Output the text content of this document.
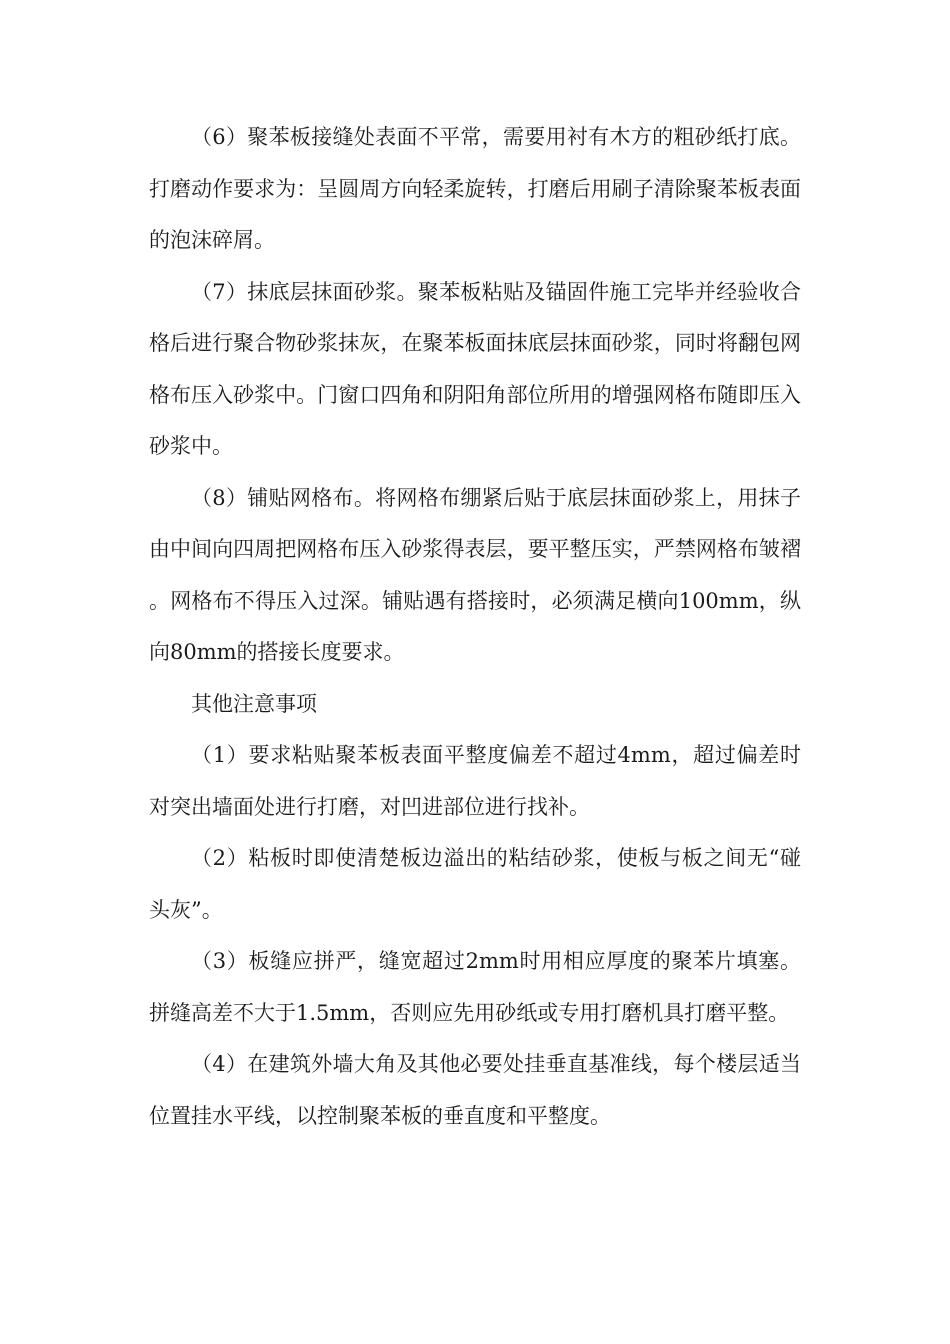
（6）聚苯板接缝处表面不平常，需要用衬有木方的粗砂纸打底。打磨动作要求为：呈圆周方向轻柔旋转，打磨后用刷子清除聚苯板表面的泡沫碎屑。

（7）抹底层抹面砂浆。聚苯板粘贴及锚固件施工完毕并经验收合格后进行聚合物砂浆抹灰，在聚苯板面抹底层抹面砂浆，同时将翻包网格布压入砂浆中。门窗口四角和阴阳角部位所用的增强网格布随即压入砂浆中。

（8）铺贴网格布。将网格布绷紧后贴于底层抹面砂浆上，用抹子由中间向四周把网格布压入砂浆得表层，要平整压实，严禁网格布皱褶。网格布不得压入过深。铺贴遇有搭接时，必须满足横向100mm，纵向80mm的搭接长度要求。

其他注意事项

（1）要求粘贴聚苯板表面平整度偏差不超过4mm，超过偏差时对突出墙面处进行打磨，对凹进部位进行找补。

（2）粘板时即使清楚板边溢出的粘结砂浆，使板与板之间无“碰头灰”。

（3）板缝应拼严，缝宽超过2mm时用相应厚度的聚苯片填塞。拼缝高差不大于1.5mm，否则应先用砂纸或专用打磨机具打磨平整。

（4）在建筑外墙大角及其他必要处挂垂直基准线，每个楼层适当位置挂水平线，以控制聚苯板的垂直度和平整度。
